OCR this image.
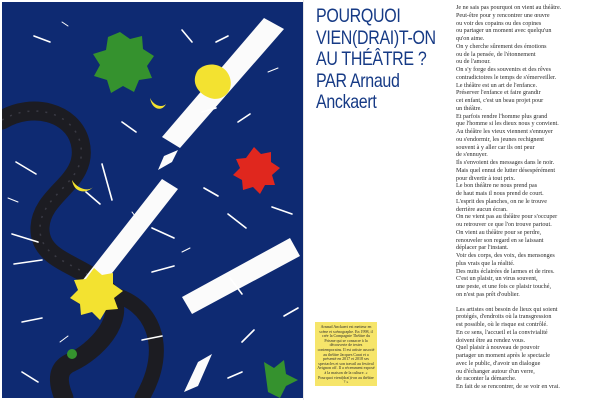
POURQUOI
VIEN(DRAI)T-ON
AU THÉÂTRE ?
PAR Arnaud
Anckaert

Arnaud Anckaert est metteur en scène et scénographe. En 1998, il crée la Compagnie Théâtre du Prisme qui se consacre à la découverte de textes contemporains. Il est artiste associé au théâtre Jacques Carat et a présenté en 2017 et 2018 ses spectacles et son travail au festival Avignon off. Il a récemment exposé à la maison de la culture. « Pourquoi vient(drai)t-on au théâtre ? »

Je ne sais pas pourquoi on vient au théâtre.
Peut-être pour y rencontrer une œuvre
ou voir des copains ou des copines
ou partager un moment avec quelqu'un
qu'on aime.
On y cherche sûrement des émotions
ou de la pensée, de l'étonnement
ou de l'amour.
On s'y forge des souvenirs et des rêves
contradictoires le temps de s'émerveiller.
Le théâtre est un art de l'enfance.
Préserver l'enfance et faire grandir
cet enfant, c'est un beau projet pour
un théâtre.
Et parfois rendre l'homme plus grand
que l'homme si les dieux nous y convient.
Au théâtre les vieux viennent s'ennuyer
ou s'endormir, les jeunes rechignent
souvent à y aller car ils ont peur
de s'ennuyer.
Ils s'envoient des messages dans le noir.
Mais quel ennui de lutter désespérément
pour divertir à tout prix.
Le bon théâtre ne nous prend pas
de haut mais il nous prend de court.
L'esprit des planches, on ne le trouve
derrière aucun écran.
On ne vient pas au théâtre pour s'occuper
ou retrouver ce que l'on trouve partout.
On vient au théâtre pour se perdre,
renouveler son regard en se laissant
déplacer par l'instant.
Voir des corps, des voix, des mensonges
plus vrais que la réalité.
Des nuits éclairées de larmes et de rires.
C'est un plaisir, un virus souvent,
une peste, et une fois ce plaisir touché,
on n'est pas prêt d'oublier.

Les artistes ont besoin de lieux qui soient
protégés, d'endroits où la transgression
est possible, où le risque est contrôlé.
En ce sens, l'accueil et la convivialité
doivent être au rendez vous.
Quel plaisir à nouveau de pouvoir
partager un moment après le spectacle
avec le public, d'avoir un dialogue
ou d'échanger autour d'un verre,
de raconter la démarche.
En fait de se rencontrer, de se voir en vrai.
